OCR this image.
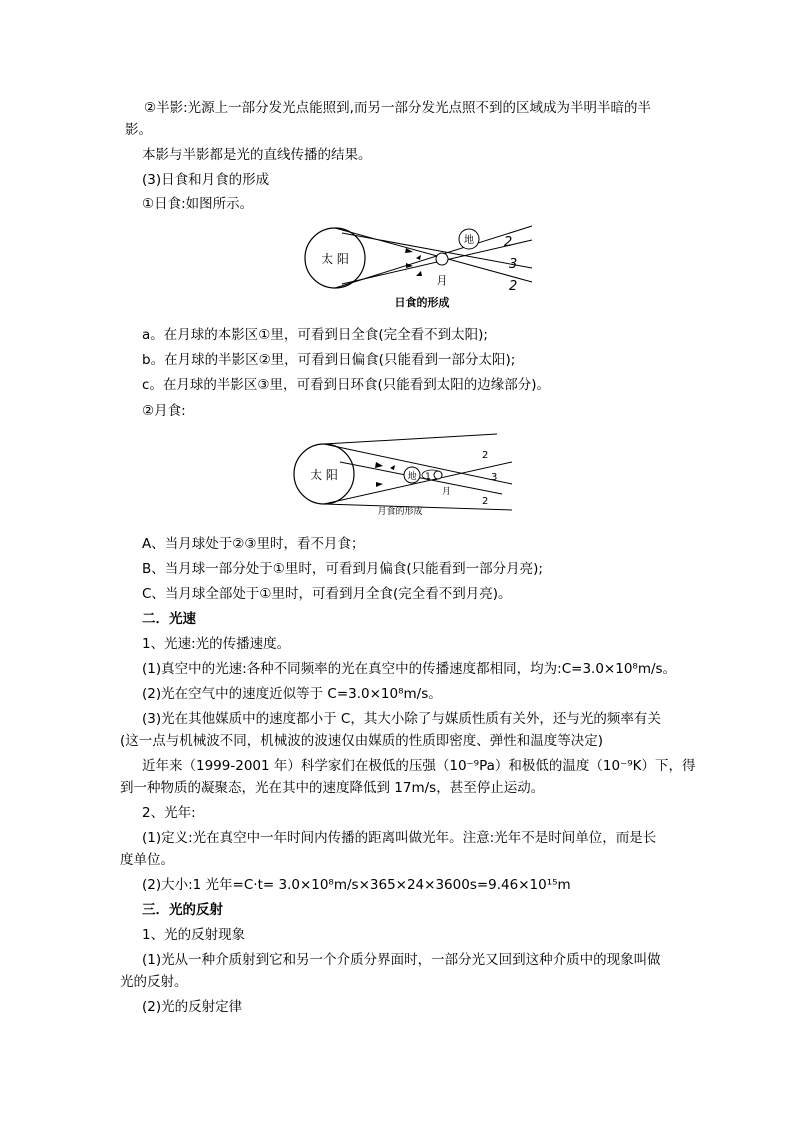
②半影:光源上一部分发光点能照到,而另一部分发光点照不到的区域成为半明半暗的半
影。
本影与半影都是光的直线传播的结果。
(3)日食和月食的形成
①日食:如图所示。
太 阳
地
月
2
3
2
日食的形成
a。在月球的本影区①里，可看到日全食(完全看不到太阳);
b。在月球的半影区②里，可看到日偏食(只能看到一部分太阳);
c。在月球的半影区③里，可看到日环食(只能看到太阳的边缘部分)。
②月食:
太 阳	地 1
月
2
3
2
月食的形成
A、当月球处于②③里时，看不月食；
B、当月球一部分处于①里时，可看到月偏食(只能看到一部分月亮);
C、当月球全部处于①里时，可看到月全食(完全看不到月亮)。
二．光速
1、光速:光的传播速度。
(1)真空中的光速:各种不同频率的光在真空中的传播速度都相同，均为:C=3.0×10⁸m/s。
(2)光在空气中的速度近似等于 C=3.0×10⁸m/s。
(3)光在其他媒质中的速度都小于 C，其大小除了与媒质性质有关外，还与光的频率有关
(这一点与机械波不同，机械波的波速仅由媒质的性质即密度、弹性和温度等决定)
近年来（1999-2001 年）科学家们在极低的压强（10⁻⁹Pa）和极低的温度（10⁻⁹K）下，得
到一种物质的凝聚态，光在其中的速度降低到 17m/s，甚至停止运动。
2、光年:
(1)定义:光在真空中一年时间内传播的距离叫做光年。注意:光年不是时间单位，而是长
度单位。
(2)大小:1 光年=C·t= 3.0×10⁸m/s×365×24×3600s=9.46×10¹⁵m
三．光的反射
1、光的反射现象
(1)光从一种介质射到它和另一个介质分界面时，一部分光又回到这种介质中的现象叫做
光的反射。
(2)光的反射定律
